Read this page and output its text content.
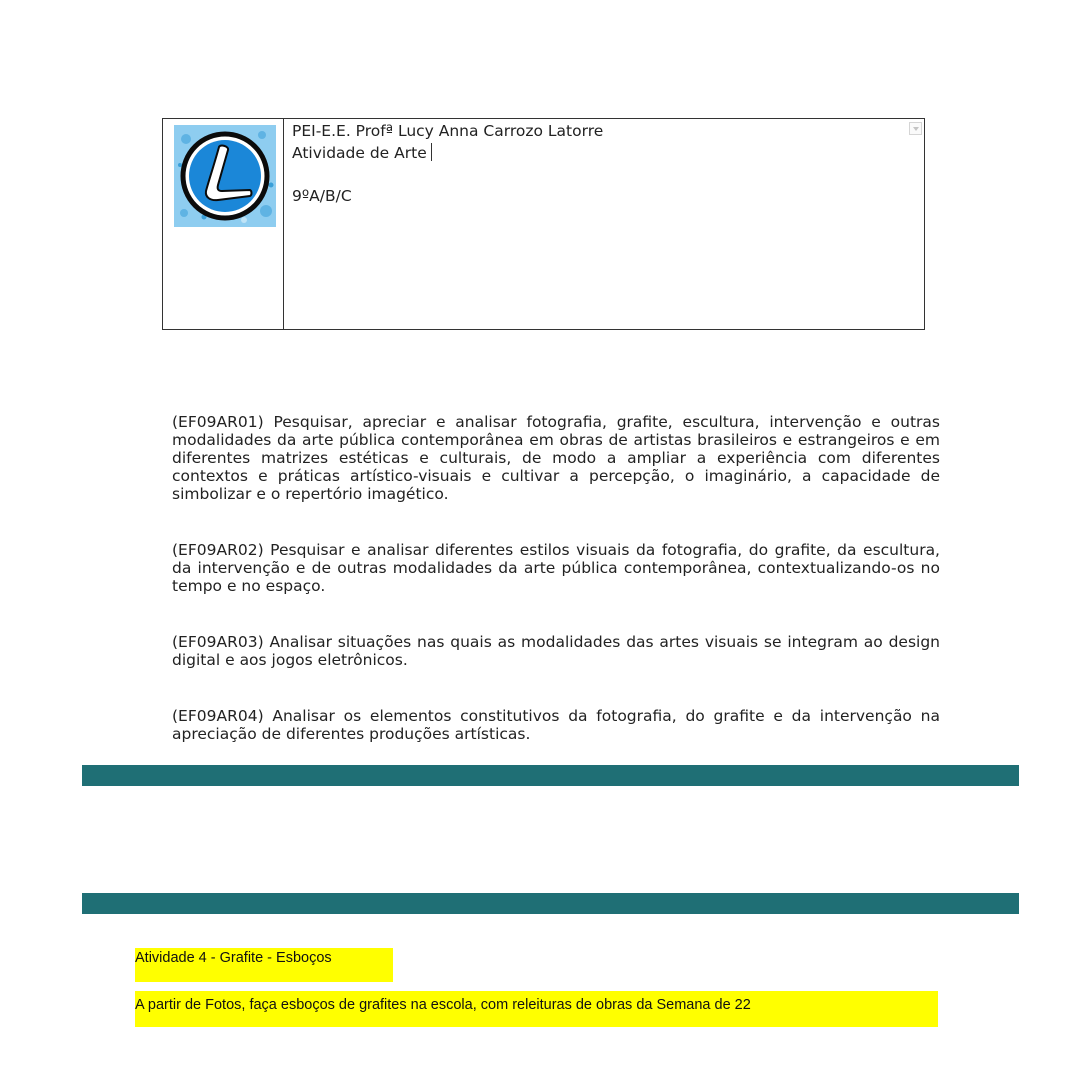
PEI-E.E. Profª Lucy Anna Carrozo Latorre
Atividade de Arte
9ºA/B/C

(EF09AR01) Pesquisar, apreciar e analisar fotografia, grafite, escultura, intervenção e outras modalidades da arte pública contemporânea em obras de artistas brasileiros e estrangeiros e em diferentes matrizes estéticas e culturais, de modo a ampliar a experiência com diferentes contextos e práticas artístico-visuais e cultivar a percepção, o imaginário, a capacidade de simbolizar e o repertório imagético.

(EF09AR02) Pesquisar e analisar diferentes estilos visuais da fotografia, do grafite, da escultura, da intervenção e de outras modalidades da arte pública contemporânea, contextualizando-os no tempo e no espaço.

(EF09AR03) Analisar situações nas quais as modalidades das artes visuais se integram ao design digital e aos jogos eletrônicos.

(EF09AR04) Analisar os elementos constitutivos da fotografia, do grafite e da intervenção na apreciação de diferentes produções artísticas.

Atividade 4 - Grafite - Esboços
A partir de Fotos, faça esboços de grafites na escola, com releituras de obras da Semana de 22
